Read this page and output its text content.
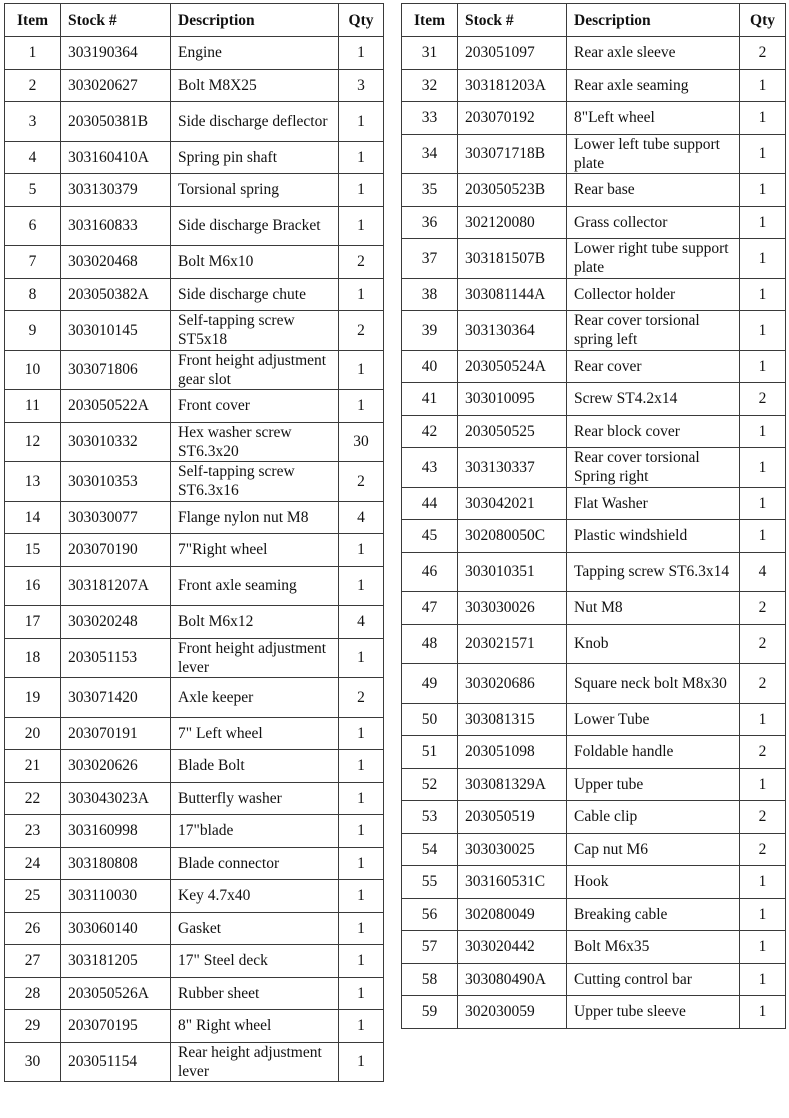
Item	Stock #	Description	Qty
1	303190364	Engine	1
2	303020627	Bolt M8X25	3
3	203050381B	Side discharge deflector	1
4	303160410A	Spring pin shaft	1
5	303130379	Torsional spring	1
6	303160833	Side discharge Bracket	1
7	303020468	Bolt M6x10	2
8	203050382A	Side discharge chute	1
9	303010145	Self-tapping screw ST5x18	2
10	303071806	Front height adjustment gear slot	1
11	203050522A	Front cover	1
12	303010332	Hex washer screw ST6.3x20	30
13	303010353	Self-tapping screw ST6.3x16	2
14	303030077	Flange nylon nut M8	4
15	203070190	7"Right wheel	1
16	303181207A	Front axle seaming	1
17	303020248	Bolt M6x12	4
18	203051153	Front height adjustment lever	1
19	303071420	Axle keeper	2
20	203070191	7" Left wheel	1
21	303020626	Blade Bolt	1
22	303043023A	Butterfly washer	1
23	303160998	17"blade	1
24	303180808	Blade connector	1
25	303110030	Key 4.7x40	1
26	303060140	Gasket	1
27	303181205	17" Steel deck	1
28	203050526A	Rubber sheet	1
29	203070195	8" Right wheel	1
30	203051154	Rear height adjustment lever	1
Item	Stock #	Description	Qty
31	203051097	Rear axle sleeve	2
32	303181203A	Rear axle seaming	1
33	203070192	8"Left wheel	1
34	303071718B	Lower left tube support plate	1
35	203050523B	Rear base	1
36	302120080	Grass collector	1
37	303181507B	Lower right tube support plate	1
38	303081144A	Collector holder	1
39	303130364	Rear cover torsional spring left	1
40	203050524A	Rear cover	1
41	303010095	Screw ST4.2x14	2
42	203050525	Rear block cover	1
43	303130337	Rear cover torsional Spring right	1
44	303042021	Flat Washer	1
45	302080050C	Plastic windshield	1
46	303010351	Tapping screw ST6.3x14	4
47	303030026	Nut M8	2
48	203021571	Knob	2
49	303020686	Square neck bolt M8x30	2
50	303081315	Lower Tube	1
51	203051098	Foldable handle	2
52	303081329A	Upper tube	1
53	203050519	Cable clip	2
54	303030025	Cap nut M6	2
55	303160531C	Hook	1
56	302080049	Breaking cable	1
57	303020442	Bolt M6x35	1
58	303080490A	Cutting control bar	1
59	302030059	Upper tube sleeve	1
